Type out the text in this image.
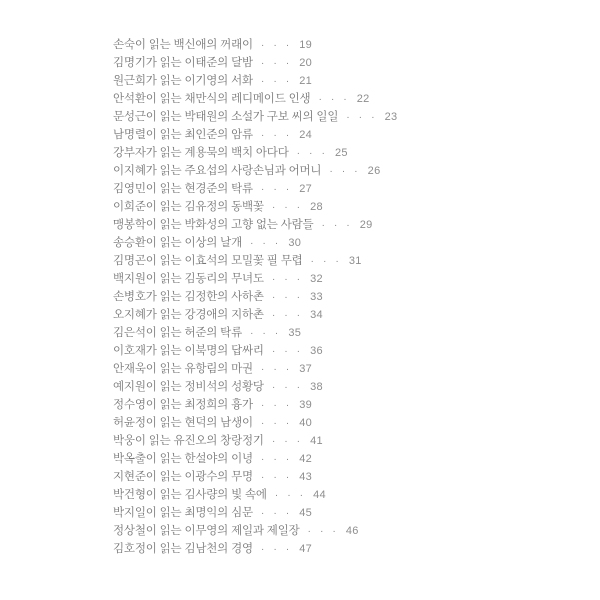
손숙이 읽는 백신애의 꺼래이 · · · 19
김명기가 읽는 이태준의 달밤 · · · 20
원근희가 읽는 이기영의 서화 · · · 21
안석환이 읽는 채만식의 레디메이드 인생 · · · 22
문성근이 읽는 박태원의 소설가 구보 씨의 일일 · · · 23
남명렬이 읽는 최인준의 암류 · · · 24
강부자가 읽는 계용묵의 백치 아다다 · · · 25
이지혜가 읽는 주요섭의 사랑손님과 어머니 · · · 26
김영민이 읽는 현경준의 탁류 · · · 27
이희준이 읽는 김유정의 동백꽃 · · · 28
맹봉학이 읽는 박화성의 고향 없는 사람들 · · · 29
송승환이 읽는 이상의 날개 · · · 30
김명곤이 읽는 이효석의 모밀꽃 필 무렵 · · · 31
백지원이 읽는 김동리의 무녀도 · · · 32
손병호가 읽는 김정한의 사하촌 · · · 33
오지혜가 읽는 강경애의 지하촌 · · · 34
김은석이 읽는 허준의 탁류 · · · 35
이호재가 읽는 이북명의 답싸리 · · · 36
안재욱이 읽는 유항림의 마권 · · · 37
예지원이 읽는 정비석의 성황당 · · · 38
정수영이 읽는 최정희의 흉가 · · · 39
허윤정이 읽는 현덕의 남생이 · · · 40
박웅이 읽는 유진오의 창랑정기 · · · 41
박옥출이 읽는 한설야의 이녕 · · · 42
지현준이 읽는 이광수의 무명 · · · 43
박건형이 읽는 김사량의 빛 속에 · · · 44
박지일이 읽는 최명익의 심문 · · · 45
정상철이 읽는 이무영의 제일과 제일장 · · · 46
김호정이 읽는 김남천의 경영 · · · 47
